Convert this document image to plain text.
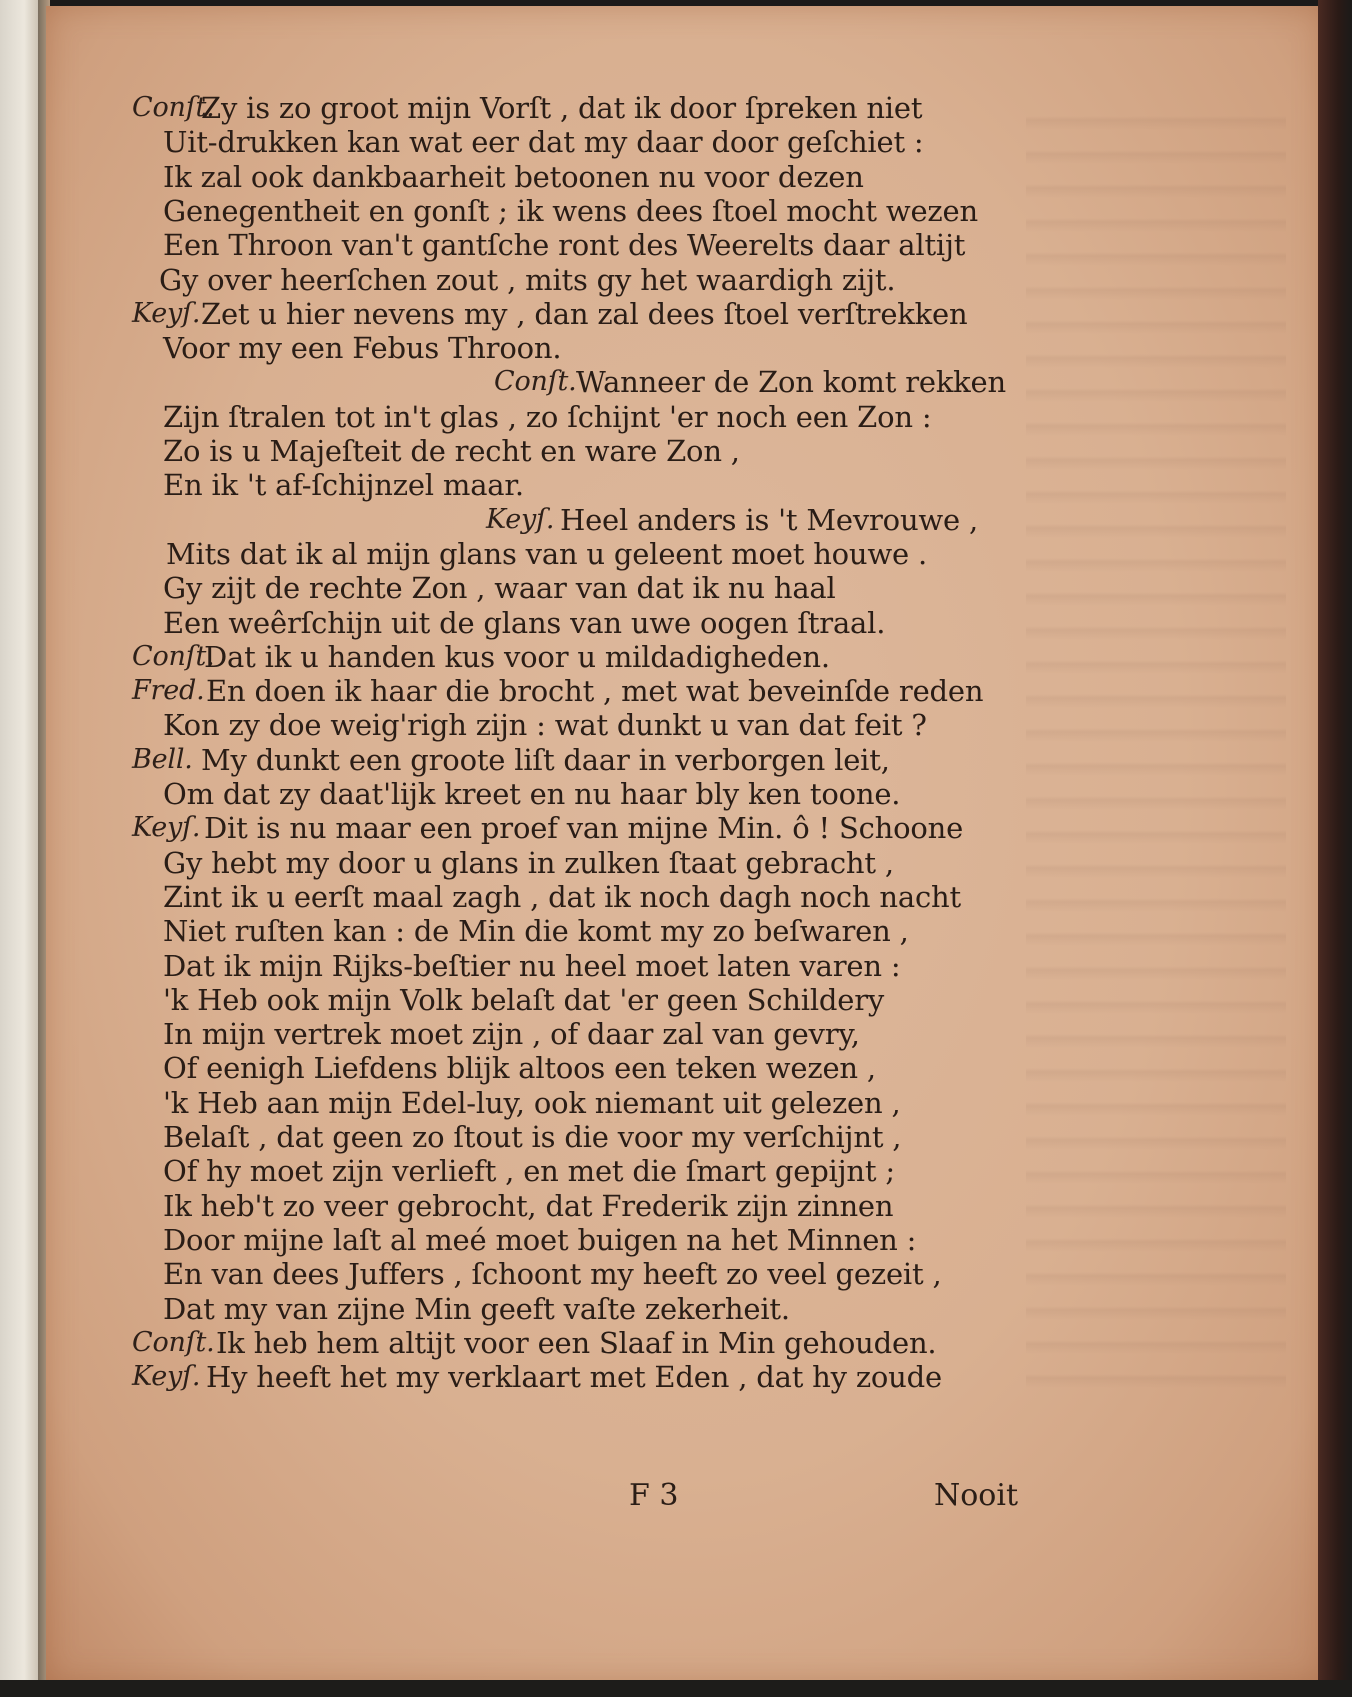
Conſt.
Zy is zo groot mijn Vorſt , dat ik door ſpreken niet
Uit-drukken kan wat eer dat my daar door geſchiet :
Ik zal ook dankbaarheit betoonen nu voor dezen
Genegentheit en gonſt ; ik wens dees ſtoel mocht wezen
Een Throon van't gantſche ront des Weerelts daar altijt
Gy over heerſchen zout , mits gy het waardigh zijt.
Keyſ. Zet u hier nevens my , dan zal dees ſtoel verſtrekken
Voor my een Febus Throon.
Conſt. Wanneer de Zon komt rekken
Zijn ſtralen tot in't glas , zo ſchijnt 'er noch een Zon :
Zo is u Majeſteit de recht en ware Zon ,
En ik 't af-ſchijnzel maar.
Keyſ. Heel anders is 't Mevrouwe ,
Mits dat ik al mijn glans van u geleent moet houwe .
Gy zijt de rechte Zon , waar van dat ik nu haal
Een weêrſchijn uit de glans van uwe oogen ſtraal.
Conſt.
Dat ik u handen kus voor u mildadigheden.
Fred. En doen ik haar die brocht , met wat beveinſde reden
Kon zy doe weig'righ zijn : wat dunkt u van dat feit ?
Bell. My dunkt een groote liſt daar in verborgen leit,
Om dat zy daat'lijk kreet en nu haar bly ken toone.
Keyſ. Dit is nu maar een proef van mijne Min. ô ! Schoone
Gy hebt my door u glans in zulken ſtaat gebracht ,
Zint ik u eerſt maal zagh , dat ik noch dagh noch nacht
Niet ruſten kan : de Min die komt my zo beſwaren ,
Dat ik mijn Rijks-beſtier nu heel moet laten varen :
'k Heb ook mijn Volk belaſt dat 'er geen Schildery
In mijn vertrek moet zijn , of daar zal van gevry,
Of eenigh Liefdens blijk altoos een teken wezen ,
'k Heb aan mijn Edel-luy, ook niemant uit gelezen ,
Belaſt , dat geen zo ſtout is die voor my verſchijnt ,
Of hy moet zijn verlieft , en met die ſmart gepijnt ;
Ik heb't zo veer gebrocht, dat Frederik zijn zinnen
Door mijne laſt al meé moet buigen na het Minnen :
En van dees Juffers , ſchoont my heeft zo veel gezeit ,
Dat my van zijne Min geeft vaſte zekerheit.
Conſt. Ik heb hem altijt voor een Slaaf in Min gehouden.
Keyſ. Hy heeft het my verklaart met Eden , dat hy zoude
F 3	Nooit
